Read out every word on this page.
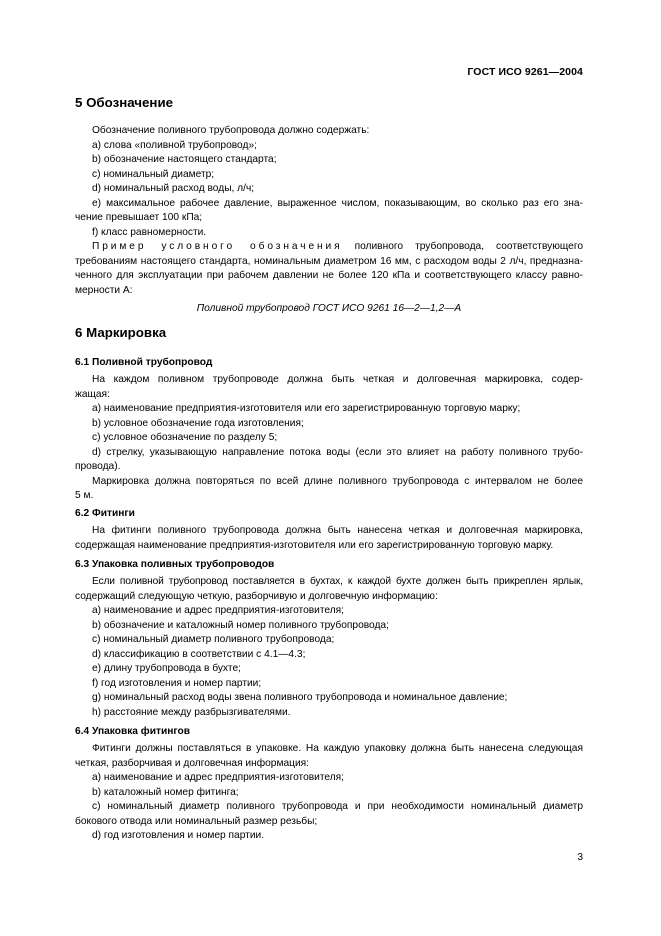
ГОСТ ИСО 9261—2004
5 Обозначение
Обозначение поливного трубопровода должно содержать:
a) слова «поливной трубопровод»;
b) обозначение настоящего стандарта;
c) номинальный диаметр;
d) номинальный расход воды, л/ч;
e) максимальное рабочее давление, выраженное числом, показывающим, во сколько раз его зна-
чение превышает 100 кПа;
f) класс равномерности.
Пример условного обозначения поливного трубопровода, соответствующего
требованиям настоящего стандарта, номинальным диаметром 16 мм, с расходом воды 2 л/ч, предназна-
ченного для эксплуатации при рабочем давлении не более 120 кПа и соответствующего классу равно-
мерности А:
Поливной трубопровод ГОСТ ИСО 9261 16—2—1,2—А
6 Маркировка
6.1 Поливной трубопровод
На каждом поливном трубопроводе должна быть четкая и долговечная маркировка, содер-
жащая:
a) наименование предприятия-изготовителя или его зарегистрированную торговую марку;
b) условное обозначение года изготовления;
c) условное обозначение по разделу 5;
d) стрелку, указывающую направление потока воды (если это влияет на работу поливного трубо-
провода).
Маркировка должна повторяться по всей длине поливного трубопровода с интервалом не более
5 м.
6.2 Фитинги
На фитинги поливного трубопровода должна быть нанесена четкая и долговечная маркировка,
содержащая наименование предприятия-изготовителя или его зарегистрированную торговую марку.
6.3 Упаковка поливных трубопроводов
Если поливной трубопровод поставляется в бухтах, к каждой бухте должен быть прикреплен ярлык,
содержащий следующую четкую, разборчивую и долговечную информацию:
a) наименование и адрес предприятия-изготовителя;
b) обозначение и каталожный номер поливного трубопровода;
c) номинальный диаметр поливного трубопровода;
d) классификацию в соответствии с 4.1—4.3;
e) длину трубопровода в бухте;
f) год изготовления и номер партии;
g) номинальный расход воды звена поливного трубопровода и номинальное давление;
h) расстояние между разбрызгивателями.
6.4 Упаковка фитингов
Фитинги должны поставляться в упаковке. На каждую упаковку должна быть нанесена следующая
четкая, разборчивая и долговечная информация:
a) наименование и адрес предприятия-изготовителя;
b) каталожный номер фитинга;
c) номинальный диаметр поливного трубопровода и при необходимости номинальный диаметр
бокового отвода или номинальный размер резьбы;
d) год изготовления и номер партии.
3
